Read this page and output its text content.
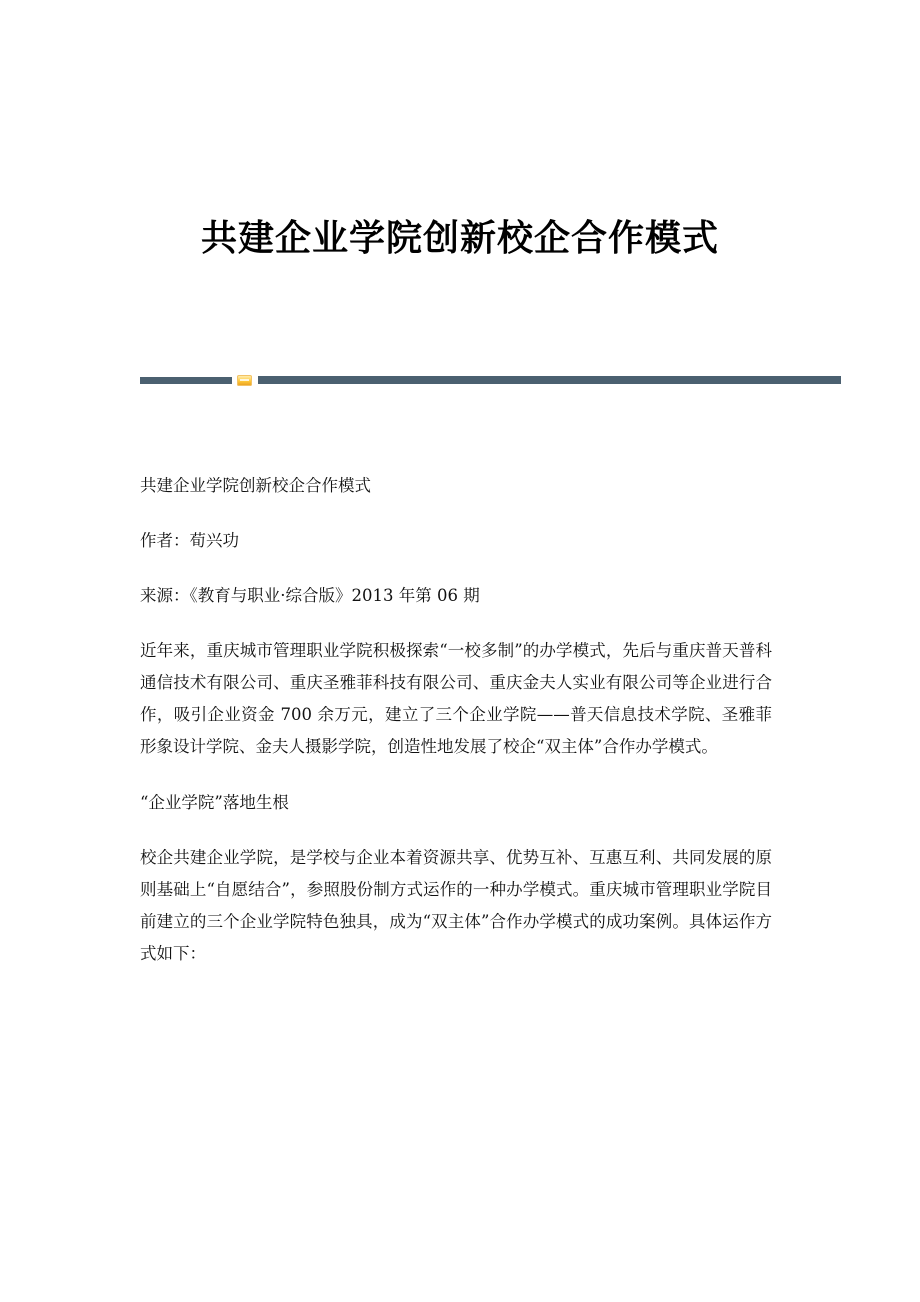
共建企业学院创新校企合作模式

共建企业学院创新校企合作模式

作者：荀兴功

来源：《教育与职业·综合版》2013 年第 06 期

近年来，重庆城市管理职业学院积极探索“一校多制”的办学模式，先后与重庆普天普科通信技术有限公司、重庆圣雅菲科技有限公司、重庆金夫人实业有限公司等企业进行合作，吸引企业资金 700 余万元，建立了三个企业学院——普天信息技术学院、圣雅菲形象设计学院、金夫人摄影学院，创造性地发展了校企“双主体”合作办学模式。

“企业学院”落地生根

校企共建企业学院，是学校与企业本着资源共享、优势互补、互惠互利、共同发展的原则基础上“自愿结合”，参照股份制方式运作的一种办学模式。重庆城市管理职业学院目前建立的三个企业学院特色独具，成为“双主体”合作办学模式的成功案例。具体运作方式如下：
